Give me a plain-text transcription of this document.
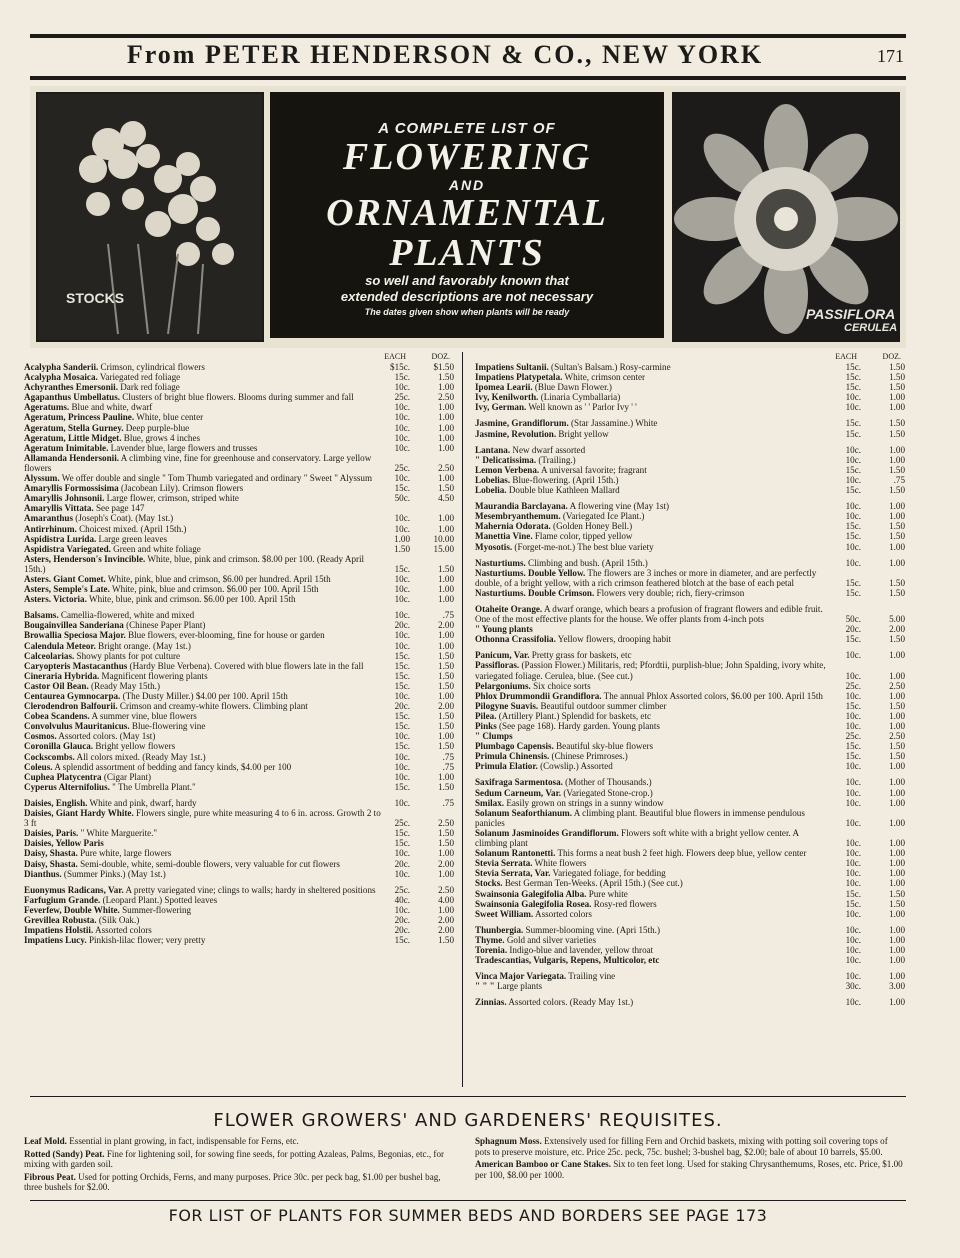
From PETER HENDERSON & CO., NEW YORK	171
STOCKS
A COMPLETE LIST OF
FLOWERING
AND
ORNAMENTAL
PLANTS
so well and favorably known that
extended descriptions are not necessary
The dates given show when plants will be ready	PASSIFLORA
CERULEA
EACH	DOZ.
Acalypha Sanderii. Crimson, cylindrical flowers	$15c.	$1.50
Acalypha Mosaica. Variegated red foliage	15c.	1.50
Achyranthes Emersonii. Dark red foliage	10c.	1.00
Agapanthus Umbellatus. Clusters of bright blue flowers. Blooms during summer and fall	25c.	2.50
Ageratums. Blue and white, dwarf	10c.	1.00
Ageratum, Princess Pauline. White, blue center	10c.	1.00
Ageratum, Stella Gurney. Deep purple-blue	10c.	1.00
Ageratum, Little Midget. Blue, grows 4 inches	10c.	1.00
Ageratum Inimitable. Lavender blue, large flowers and trusses	10c.	1.00
Allamanda Hendersonii. A climbing vine, fine for greenhouse and conservatory. Large yellow flowers	25c.	2.50
Alyssum. We offer double and single " Tom Thumb variegated and ordinary " Sweet " Alyssum	10c.	1.00
Amaryllis Formossisima (Jacobean Lily). Crimson flowers	15c.	1.50
Amaryllis Johnsonii. Large flower, crimson, striped white	50c.	4.50
Amaryllis Vittata. See page 147
Amaranthus (Joseph's Coat). (May 1st.)	10c.	1.00
Antirrhinum. Choicest mixed. (April 15th.)	10c.	1.00
Aspidistra Lurida. Large green leaves	1.00	10.00
Aspidistra Variegated. Green and white foliage	1.50	15.00
Asters, Henderson's Invincible. White, blue, pink and crimson. $8.00 per 100. (Ready April 15th.)	15c.	1.50
Asters. Giant Comet. White, pink, blue and crimson, $6.00 per hundred. April 15th	10c.	1.00
Asters, Semple's Late. White, pink, blue and crimson. $6.00 per 100. April 15th	10c.	1.00
Asters. Victoria. White, blue, pink and crimson. $6.00 per 100. April 15th	10c.	1.00
Balsams. Camellia-flowered, white and mixed	10c.	.75
Bougainvillea Sanderiana (Chinese Paper Plant)	20c.	2.00
Browallia Speciosa Major. Blue flowers, ever-blooming, fine for house or garden	10c.	1.00
Calendula Meteor. Bright orange. (May 1st.)	10c.	1.00
Calceolarias. Showy plants for pot culture	15c.	1.50
Caryopteris Mastacanthus (Hardy Blue Verbena). Covered with blue flowers late in the fall	15c.	1.50
Cineraria Hybrida. Magnificent flowering plants	15c.	1.50
Castor Oil Bean. (Ready May 15th.)	15c.	1.50
Centaurea Gymnocarpa. (The Dusty Miller.) $4.00 per 100. April 15th	10c.	1.00
Clerodendron Balfourii. Crimson and creamy-white flowers. Climbing plant	20c.	2.00
Cobea Scandens. A summer vine, blue flowers	15c.	1.50
Convolvulus Mauritanicus. Blue-flowering vine	15c.	1.50
Cosmos. Assorted colors. (May 1st)	10c.	1.00
Coronilla Glauca. Bright yellow flowers	15c.	1.50
Cockscombs. All colors mixed. (Ready May 1st.)	10c.	.75
Coleus. A splendid assortment of bedding and fancy kinds, $4.00 per 100	10c.	.75
Cuphea Platycentra (Cigar Plant)	10c.	1.00
Cyperus Alternifolius. " The Umbrella Plant."	15c.	1.50
Daisies, English. White and pink, dwarf, hardy	10c.	.75
Daisies, Giant Hardy White. Flowers single, pure white measuring 4 to 6 in. across. Growth 2 to 3 ft	25c.	2.50
Daisies, Paris. " White Marguerite."	15c.	1.50
Daisies, Yellow Paris	15c.	1.50
Daisy, Shasta. Pure white, large flowers	10c.	1.00
Daisy, Shasta. Semi-double, white, semi-double flowers, very valuable for cut flowers	20c.	2.00
Dianthus. (Summer Pinks.) (May 1st.)	10c.	1.00
Euonymus Radicans, Var. A pretty variegated vine; clings to walls; hardy in sheltered positions	25c.	2.50
Farfugium Grande. (Leopard Plant.) Spotted leaves	40c.	4.00
Feverfew, Double White. Summer-flowering	10c.	1.00
Grevillea Robusta. (Silk Oak.)	20c.	2.00
Impatiens Holstii. Assorted colors	20c.	2.00
Impatiens Lucy. Pinkish-lilac flower; very pretty	15c.	1.50
EACH	DOZ.
Impatiens Sultanii. (Sultan's Balsam.) Rosy-carmine	15c.	1.50
Impatiens Platypetala. White, crimson center	15c.	1.50
Ipomea Learii. (Blue Dawn Flower.)	15c.	1.50
Ivy, Kenilworth. (Linaria Cymballaria)	10c.	1.00
Ivy, German. Well known as ' ' Parlor Ivy ' '	10c.	1.00
Jasmine, Grandiflorum. (Star Jassamine.) White	15c.	1.50
Jasmine, Revolution. Bright yellow	15c.	1.50
Lantana. New dwarf assorted	10c.	1.00
" Delicatissima. (Trailing.)	10c.	1.00
Lemon Verbena. A universal favorite; fragrant	15c.	1.50
Lobelias. Blue-flowering. (April 15th.)	10c.	.75
Lobelia. Double blue Kathleen Mallard	15c.	1.50
Maurandia Barclayana. A flowering vine (May 1st)	10c.	1.00
Mesembryanthemum. (Variegated Ice Plant.)	10c.	1.00
Mahernia Odorata. (Golden Honey Bell.)	15c.	1.50
Manettia Vine. Flame color, tipped yellow	15c.	1.50
Myosotis. (Forget-me-not.) The best blue variety	10c.	1.00
Nasturtiums. Climbing and bush. (April 15th.)	10c.	1.00
Nasturtiums. Double Yellow. The flowers are 3 inches or more in diameter, and are perfectly double, of a bright yellow, with a rich crimson feathered blotch at the base of each petal	15c.	1.50
Nasturtiums. Double Crimson. Flowers very double; rich, fiery-crimson	15c.	1.50
Otaheite Orange. A dwarf orange, which bears a profusion of fragrant flowers and edible fruit. One of the most effective plants for the house. We offer plants from 4-inch pots	50c.	5.00
" Young plants	20c.	2.00
Othonna Crassifolia. Yellow flowers, drooping habit	15c.	1.50
Panicum, Var. Pretty grass for baskets, etc	10c.	1.00
Passifloras. (Passion Flower.) Militaris, red; Pfordtii, purplish-blue; John Spalding, ivory white, variegated foliage. Cerulea, blue. (See cut.)	10c.	1.00
Pelargoniums. Six choice sorts	25c.	2.50
Phlox Drummondii Grandiflora. The annual Phlox Assorted colors, $6.00 per 100. April 15th	10c.	1.00
Pilogyne Suavis. Beautiful outdoor summer climber	15c.	1.50
Pilea. (Artillery Plant.) Splendid for baskets, etc	10c.	1.00
Pinks (See page 168). Hardy garden. Young plants	10c.	1.00
" Clumps	25c.	2.50
Plumbago Capensis. Beautiful sky-blue flowers	15c.	1.50
Primula Chinensis. (Chinese Primroses.)	15c.	1.50
Primula Elatior. (Cowslip.) Assorted	10c.	1.00
Saxifraga Sarmentosa. (Mother of Thousands.)	10c.	1.00
Sedum Carneum, Var. (Variegated Stone-crop.)	10c.	1.00
Smilax. Easily grown on strings in a sunny window	10c.	1.00
Solanum Seaforthianum. A climbing plant. Beautiful blue flowers in immense pendulous panicles	10c.	1.00
Solanum Jasminoides Grandiflorum. Flowers soft white with a bright yellow center. A climbing plant	10c.	1.00
Solanum Rantonetti. This forms a neat bush 2 feet high. Flowers deep blue, yellow center	10c.	1.00
Stevia Serrata. White flowers	10c.	1.00
Stevia Serrata, Var. Variegated foliage, for bedding	10c.	1.00
Stocks. Best German Ten-Weeks. (April 15th.) (See cut.)	10c.	1.00
Swainsonia Galegifolia Alba. Pure white	15c.	1.50
Swainsonia Galegifolia Rosea. Rosy-red flowers	15c.	1.50
Sweet William. Assorted colors	10c.	1.00
Thunbergia. Summer-blooming vine. (Apri 15th.)	10c.	1.00
Thyme. Gold and silver varieties	10c.	1.00
Torenia. Indigo-blue and lavender, yellow throat	10c.	1.00
Tradescantias, Vulgaris, Repens, Multicolor, etc	10c.	1.00
Vinca Major Variegata. Trailing vine	10c.	1.00
" " " Large plants	30c.	3.00
Zinnias. Assorted colors. (Ready May 1st.)	10c.	1.00
FLOWER GROWERS' AND GARDENERS' REQUISITES.
Leaf Mold. Essential in plant growing, in fact, indispensable for Ferns, etc.
Rotted (Sandy) Peat. Fine for lightening soil, for sowing fine seeds, for potting Azaleas, Palms, Begonias, etc., for mixing with garden soil.
Fibrous Peat. Used for potting Orchids, Ferns, and many purposes. Price 30c. per peck bag, $1.00 per bushel bag, three bushels for $2.00.
Sphagnum Moss. Extensively used for filling Fern and Orchid baskets, mixing with potting soil covering tops of pots to preserve moisture, etc. Price 25c. peck, 75c. bushel; 3-bushel bag, $2.00; bale of about 10 barrels, $5.00.
American Bamboo or Cane Stakes. Six to ten feet long. Used for staking Chrysanthemums, Roses, etc. Price, $1.00 per 100, $8.00 per 1000.
FOR LIST OF PLANTS FOR SUMMER BEDS AND BORDERS SEE PAGE 173
